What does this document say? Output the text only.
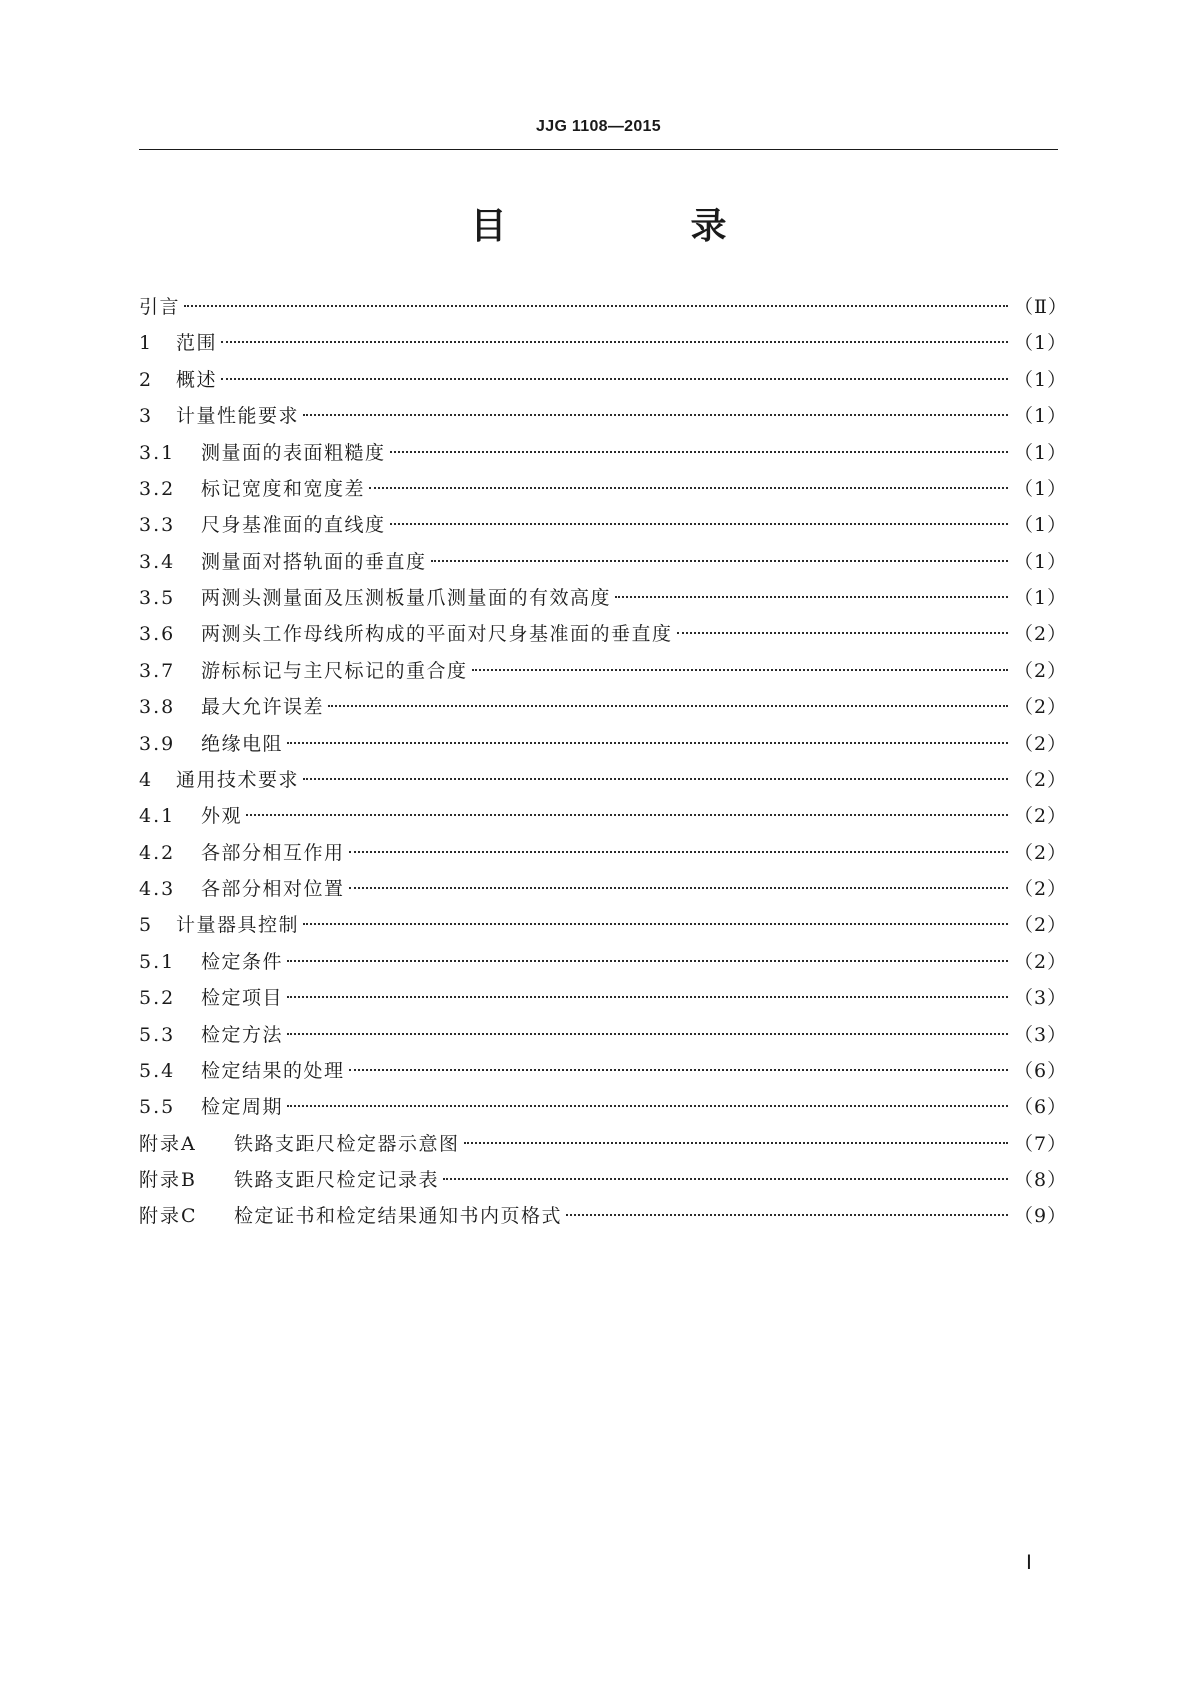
JJG 1108—2015
目　录
引言	（Ⅱ）
1	范围	（1）
2	概述	（1）
3	计量性能要求	（1）
3.1	测量面的表面粗糙度	（1）
3.2	标记宽度和宽度差	（1）
3.3	尺身基准面的直线度	（1）
3.4	测量面对搭轨面的垂直度	（1）
3.5	两测头测量面及压测板量爪测量面的有效高度	（1）
3.6	两测头工作母线所构成的平面对尺身基准面的垂直度	（2）
3.7	游标标记与主尺标记的重合度	（2）
3.8	最大允许误差	（2）
3.9	绝缘电阻	（2）
4	通用技术要求	（2）
4.1	外观	（2）
4.2	各部分相互作用	（2）
4.3	各部分相对位置	（2）
5	计量器具控制	（2）
5.1	检定条件	（2）
5.2	检定项目	（3）
5.3	检定方法	（3）
5.4	检定结果的处理	（6）
5.5	检定周期	（6）
附录A	铁路支距尺检定器示意图	（7）
附录B	铁路支距尺检定记录表	（8）
附录C	检定证书和检定结果通知书内页格式	（9）
Ⅰ
